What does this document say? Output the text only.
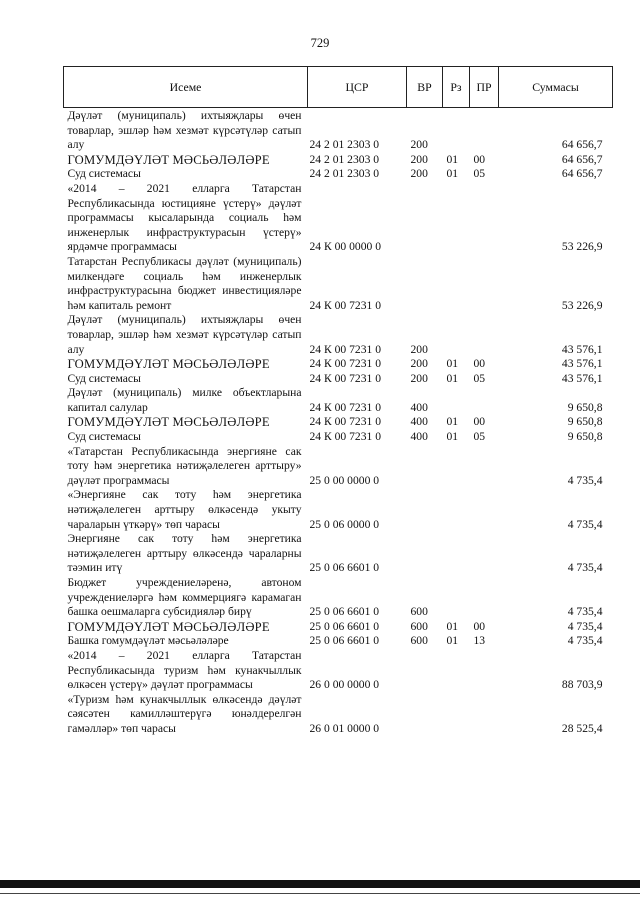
729
Исеме	ЦСР	ВР	Рз	ПР	Суммасы
Дәүләт (муниципаль) ихтыяҗлары өчен товарлар, эшләр һәм хезмәт күрсәтүләр сатып алу	24 2 01 2303 0	200			64 656,7
ГОМУМДӘҮЛӘТ МӘСЬӘЛӘЛӘРЕ	24 2 01 2303 0	200	01	00	64 656,7
Суд системасы	24 2 01 2303 0	200	01	05	64 656,7
«2014 – 2021 елларга Татарстан Республикасында юстицияне үстерү» дәүләт программасы кысаларында социаль һәм инженерлык инфраструктурасын үстерү» ярдәмче программасы	24 К 00 0000 0				53 226,9
Татарстан Республикасы дәүләт (муниципаль) милкендәге социаль һәм инженерлык инфраструктурасына бюджет инвестицияләре һәм капиталь ремонт	24 К 00 7231 0				53 226,9
Дәүләт (муниципаль) ихтыяҗлары өчен товарлар, эшләр һәм хезмәт күрсәтүләр сатып алу	24 К 00 7231 0	200			43 576,1
ГОМУМДӘҮЛӘТ МӘСЬӘЛӘЛӘРЕ	24 К 00 7231 0	200	01	00	43 576,1
Суд системасы	24 К 00 7231 0	200	01	05	43 576,1
Дәүләт (муниципаль) милке объектларына капитал салулар	24 К 00 7231 0	400			9 650,8
ГОМУМДӘҮЛӘТ МӘСЬӘЛӘЛӘРЕ	24 К 00 7231 0	400	01	00	9 650,8
Суд системасы	24 К 00 7231 0	400	01	05	9 650,8
«Татарстан Республикасында энергияне сак тоту һәм энергетика нәтиҗәлелеген арттыру» дәүләт программасы	25 0 00 0000 0				4 735,4
«Энергияне сак тоту һәм энергетика нәтиҗәлелеген арттыру өлкәсендә укыту чараларын үткәрү» төп чарасы	25 0 06 0000 0				4 735,4
Энергияне сак тоту һәм энергетика нәтиҗәлелеген арттыру өлкәсендә чараларны тәэмин итү	25 0 06 6601 0				4 735,4
Бюджет учреждениеләренә, автоном учреждениеләргә һәм коммерциягә карамаган башка оешмаларга субсидияләр бирү	25 0 06 6601 0	600			4 735,4
ГОМУМДӘҮЛӘТ МӘСЬӘЛӘЛӘРЕ	25 0 06 6601 0	600	01	00	4 735,4
Башка гомумдәүләт мәсьәләләре	25 0 06 6601 0	600	01	13	4 735,4
«2014 – 2021 елларга Татарстан Республикасында туризм һәм кунакчыллык өлкәсен үстерү» дәүләт программасы	26 0 00 0000 0				88 703,9
«Туризм һәм кунакчыллык өлкәсендә дәүләт сәясәтен камилләштерүгә юнәлдерелгән гамәлләр» төп чарасы	26 0 01 0000 0				28 525,4
